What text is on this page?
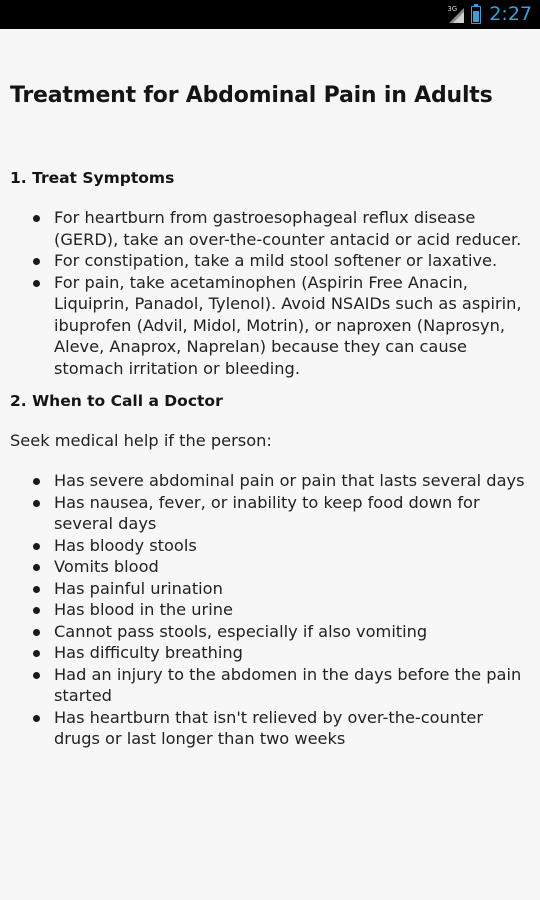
3G 2:27
Treatment for Abdominal Pain in Adults
1. Treat Symptoms
For heartburn from gastroesophageal reflux disease (GERD), take an over-the-counter antacid or acid reducer.
For constipation, take a mild stool softener or laxative.
For pain, take acetaminophen (Aspirin Free Anacin, Liquiprin, Panadol, Tylenol). Avoid NSAIDs such as aspirin, ibuprofen (Advil, Midol, Motrin), or naproxen (Naprosyn, Aleve, Anaprox, Naprelan) because they can cause stomach irritation or bleeding.
2. When to Call a Doctor

Seek medical help if the person:

Has severe abdominal pain or pain that lasts several days
Has nausea, fever, or inability to keep food down for several days
Has bloody stools
Vomits blood
Has painful urination
Has blood in the urine
Cannot pass stools, especially if also vomiting
Has difficulty breathing
Had an injury to the abdomen in the days before the pain started
Has heartburn that isn't relieved by over-the-counter drugs or last longer than two weeks
